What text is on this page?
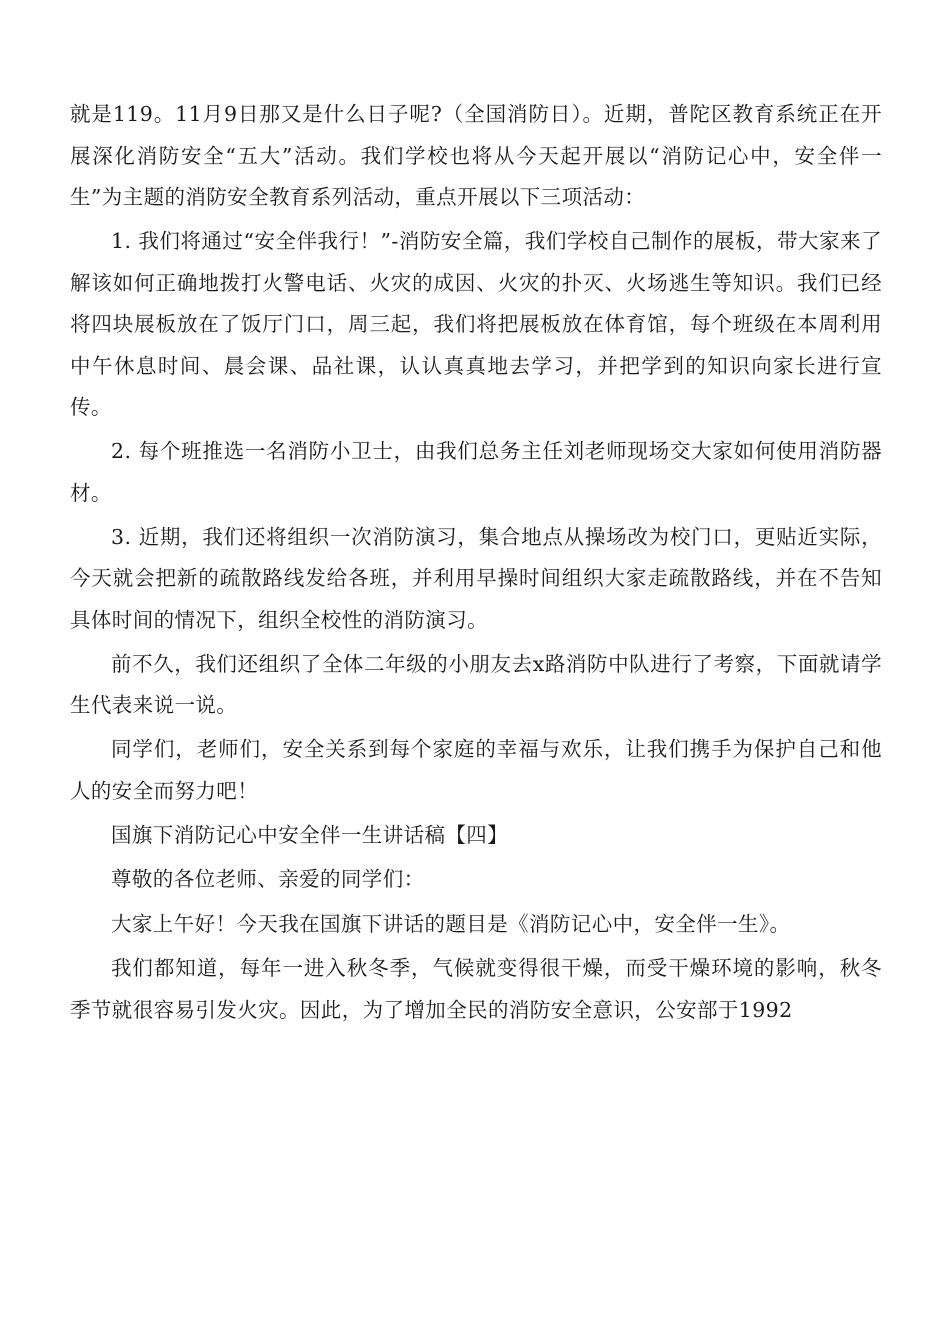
就是119。11月9日那又是什么日子呢?（全国消防日）。近期，普陀区教育系统正在开展深化消防安全“五大”活动。我们学校也将从今天起开展以“消防记心中，安全伴一生”为主题的消防安全教育系列活动，重点开展以下三项活动：

1. 我们将通过“安全伴我行！”-消防安全篇，我们学校自己制作的展板，带大家来了解该如何正确地拨打火警电话、火灾的成因、火灾的扑灭、火场逃生等知识。我们已经将四块展板放在了饭厅门口，周三起，我们将把展板放在体育馆，每个班级在本周利用中午休息时间、晨会课、品社课，认认真真地去学习，并把学到的知识向家长进行宣传。

2. 每个班推选一名消防小卫士，由我们总务主任刘老师现场交大家如何使用消防器材。

3. 近期，我们还将组织一次消防演习，集合地点从操场改为校门口，更贴近实际，今天就会把新的疏散路线发给各班，并利用早操时间组织大家走疏散路线，并在不告知具体时间的情况下，组织全校性的消防演习。

前不久，我们还组织了全体二年级的小朋友去x路消防中队进行了考察，下面就请学生代表来说一说。

同学们，老师们，安全关系到每个家庭的幸福与欢乐，让我们携手为保护自己和他人的安全而努力吧！

国旗下消防记心中安全伴一生讲话稿【四】

尊敬的各位老师、亲爱的同学们：

大家上午好！今天我在国旗下讲话的题目是《消防记心中，安全伴一生》。

我们都知道，每年一进入秋冬季，气候就变得很干燥，而受干燥环境的影响，秋冬季节就很容易引发火灾。因此，为了增加全民的消防安全意识，公安部于1992
